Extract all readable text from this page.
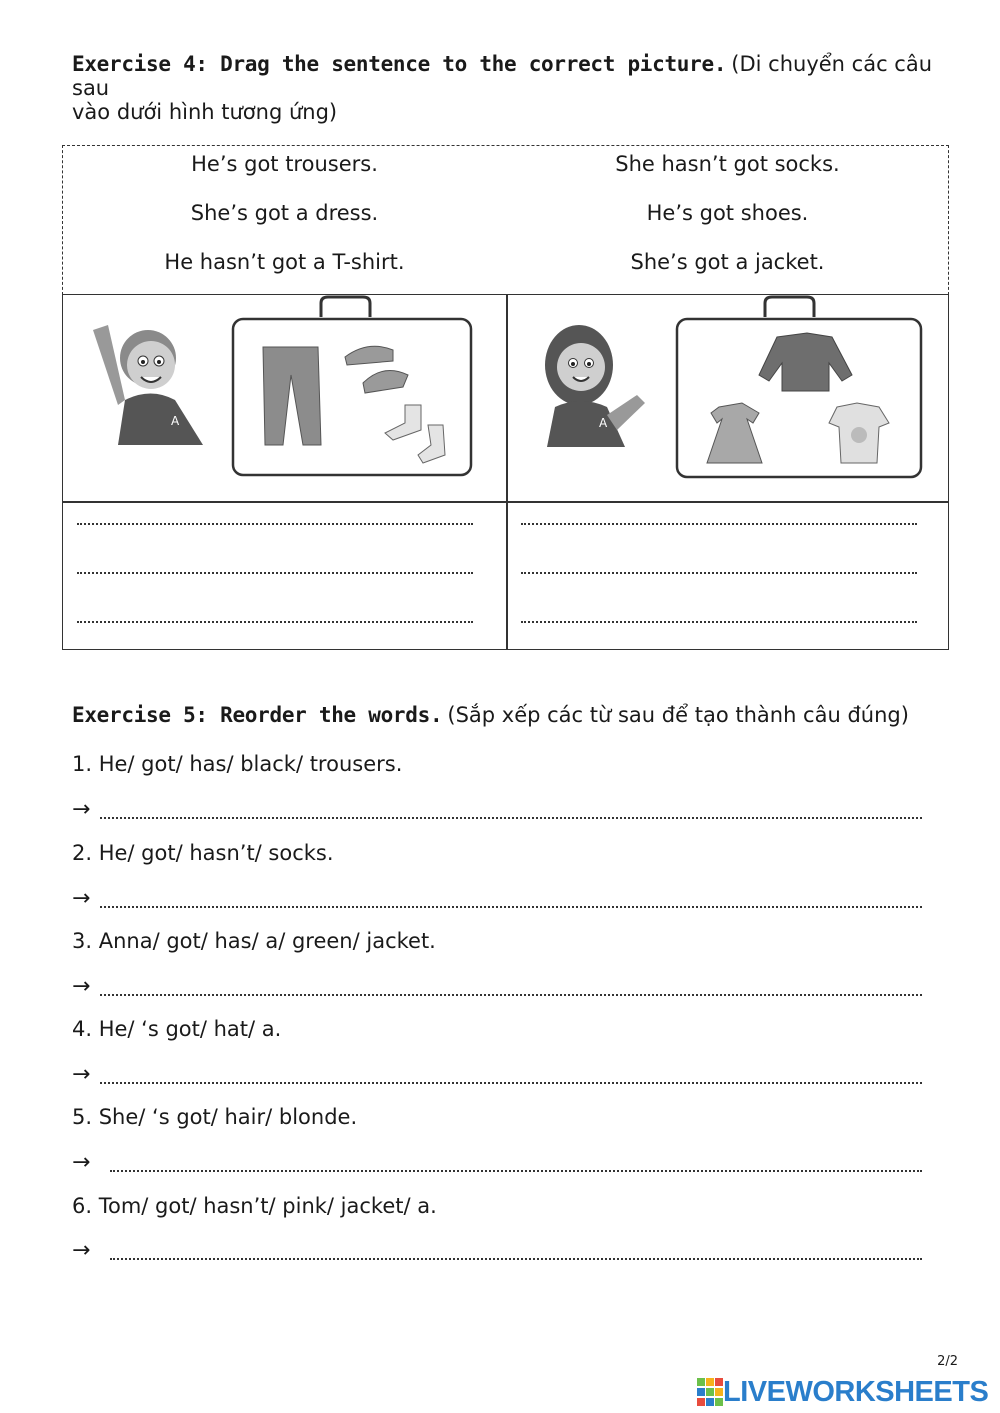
Exercise 4: Drag the sentence to the correct picture. (Di chuyển các câu sau
vào dưới hình tương ứng)
He’s got trousers.
She’s got a dress.
He hasn’t got a T-shirt.
She hasn’t got socks.
He’s got shoes.
She’s got a jacket.
A	A
Exercise 5: Reorder the words. (Sắp xếp các từ sau để tạo thành câu đúng)
1. He/ got/ has/ black/ trousers.
→
2. He/ got/ hasn’t/ socks.
→
3. Anna/ got/ has/ a/ green/ jacket.
→
4. He/ ‘s got/ hat/ a.
→
5. She/ ‘s got/ hair/ blonde.
→
6. Tom/ got/ hasn’t/ pink/ jacket/ a.
→
2/2
LIVEWORKSHEETS
